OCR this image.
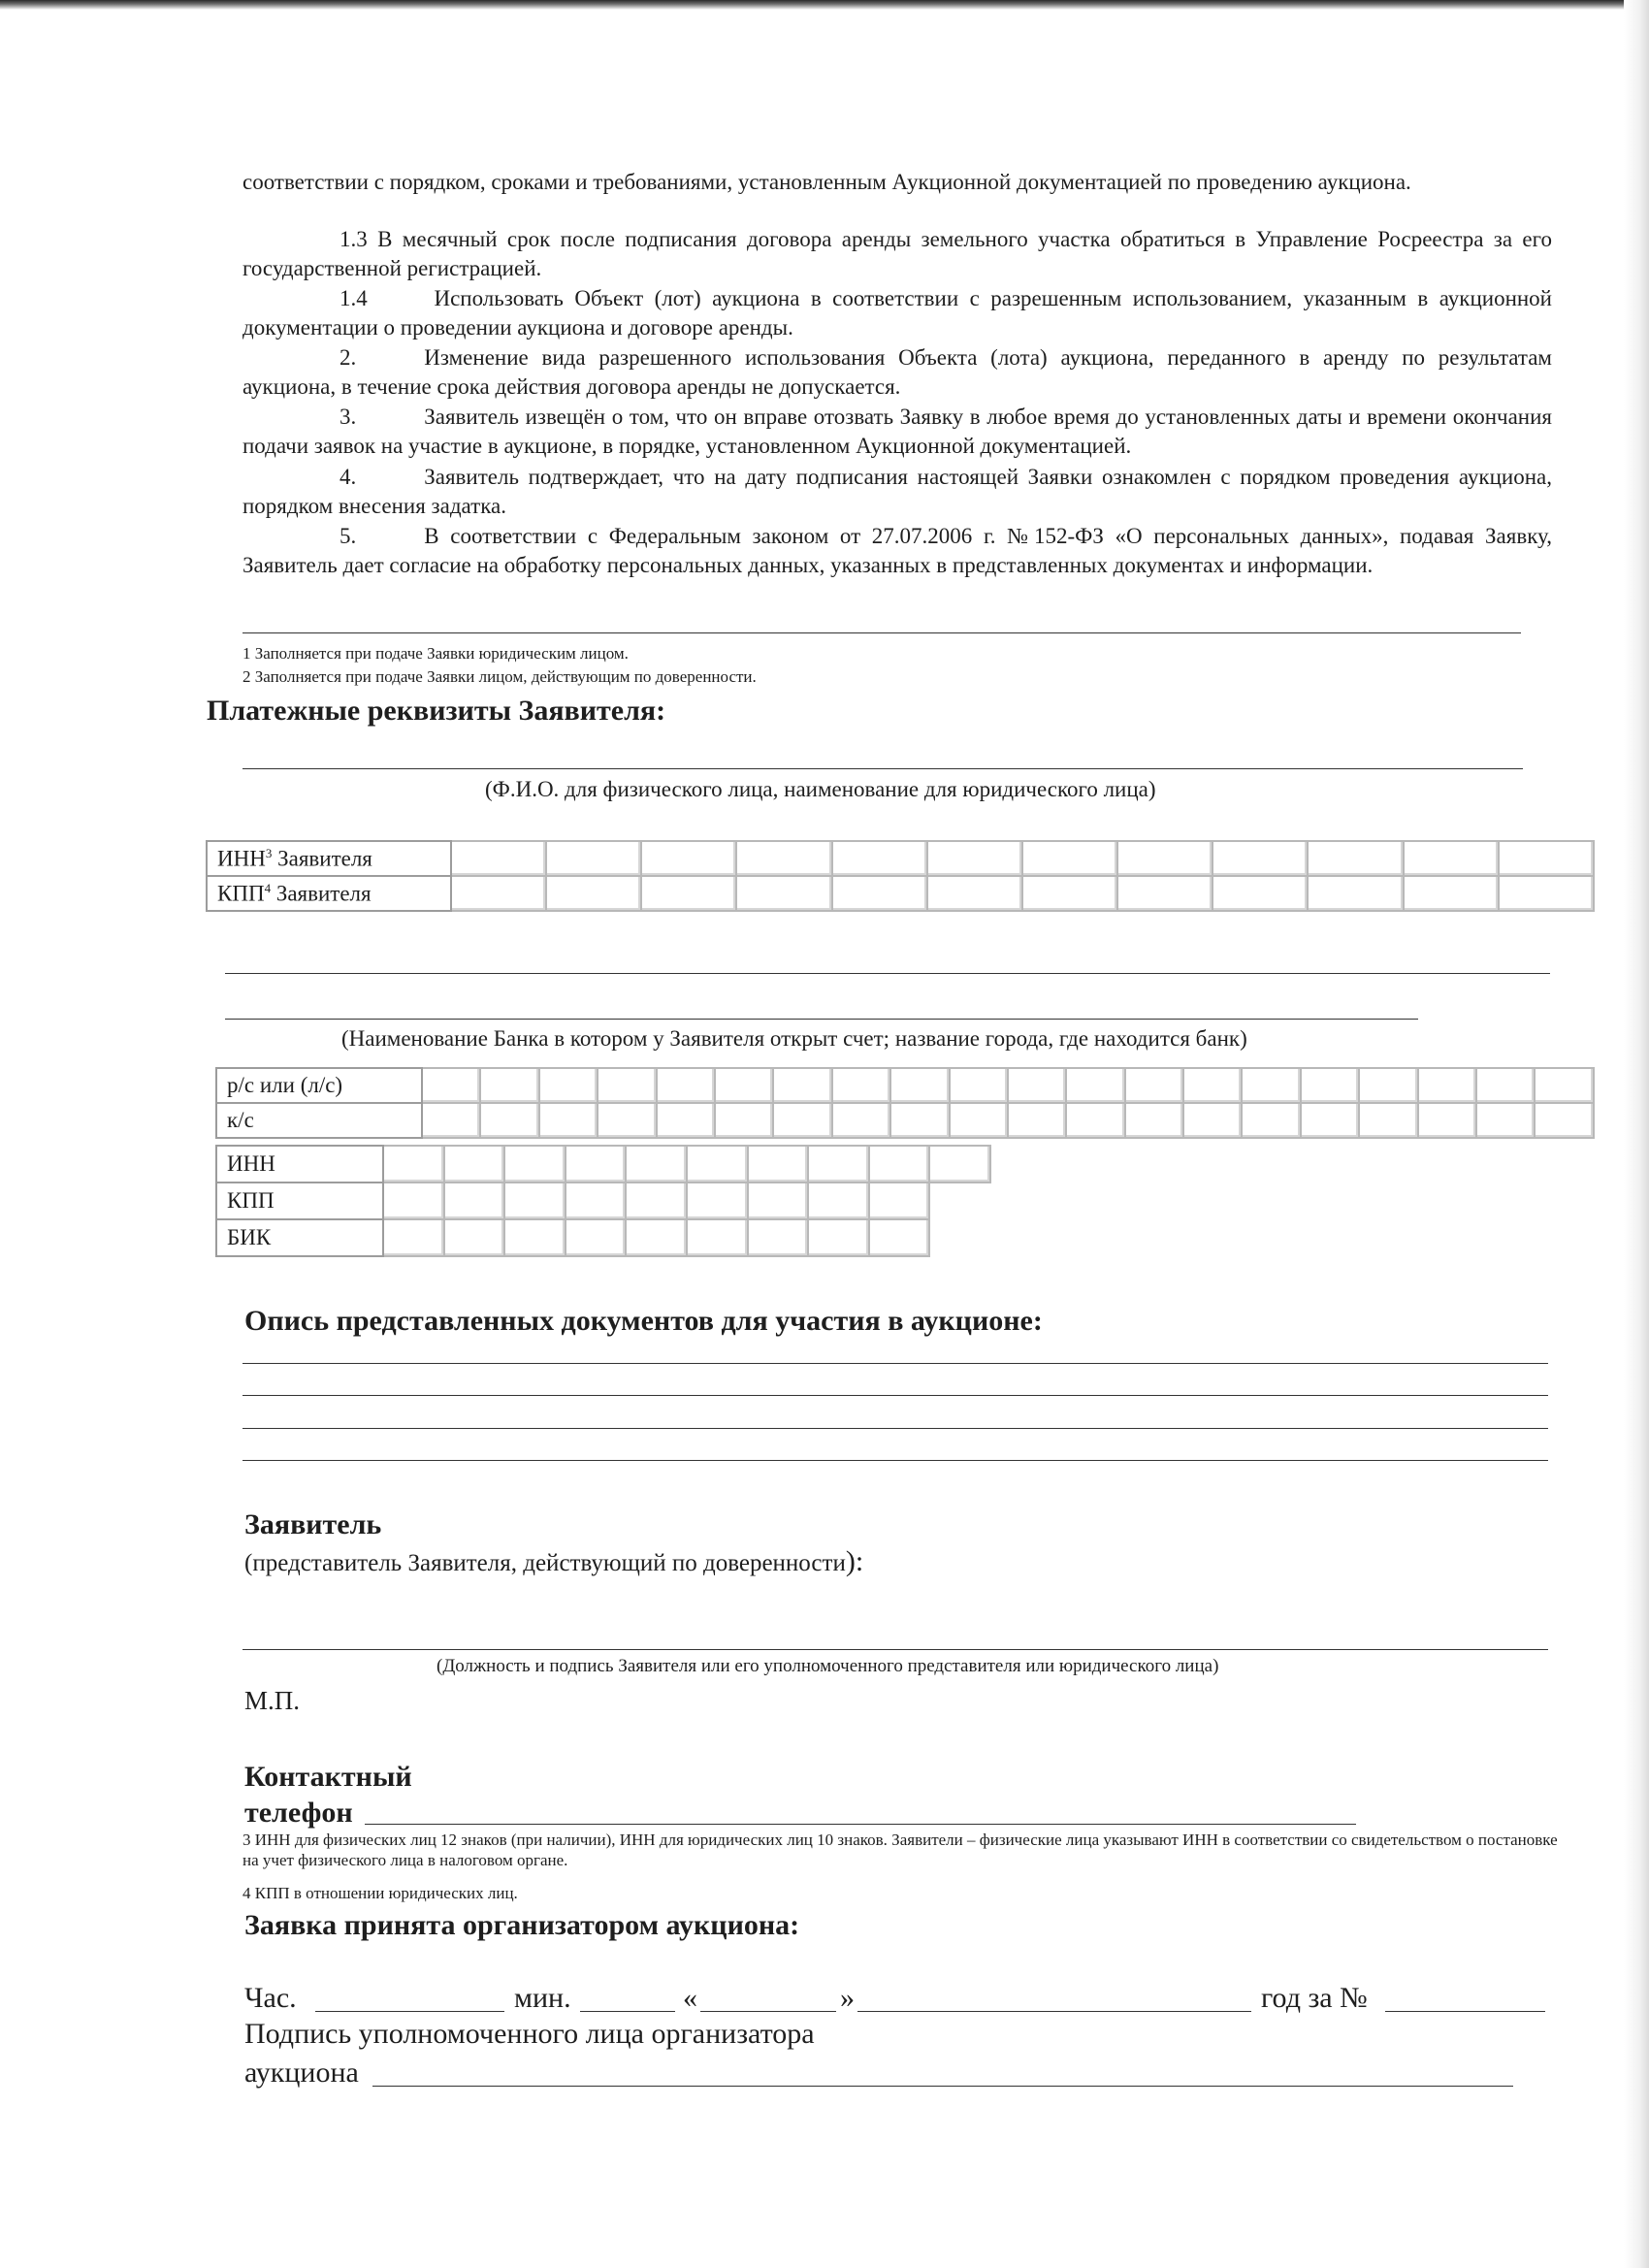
соответствии с порядком, сроками и требованиями, установленным Аукционной документацией по проведению аукциона.
1.3 В месячный срок после подписания договора аренды земельного участка обратиться в Управление Росреестра за его государственной регистрацией.
1.4	Использовать Объект (лот) аукциона в соответствии с разрешенным использованием, указанным в аукционной документации о проведении аукциона и договоре аренды.
2.	Изменение вида разрешенного использования Объекта (лота) аукциона, переданного в аренду по результатам аукциона, в течение срока действия договора аренды не допускается.
3.	Заявитель извещён о том, что он вправе отозвать Заявку в любое время до установленных даты и времени окончания подачи заявок на участие в аукционе, в порядке, установленном Аукционной документацией.
4.	Заявитель подтверждает, что на дату подписания настоящей Заявки ознакомлен с порядком проведения аукциона, порядком внесения задатка.
5.	В соответствии с Федеральным законом от 27.07.2006 г. №152-ФЗ «О персональных данных», подавая Заявку, Заявитель дает согласие на обработку персональных данных, указанных в представленных документах и информации.
1 Заполняется при подаче Заявки юридическим лицом.
2 Заполняется при подаче Заявки лицом, действующим по доверенности.
Платежные реквизиты Заявителя:
(Ф.И.О. для физического лица, наименование для юридического лица)
ИНН$^3$ Заявителя												
КПП$^4$ Заявителя												
(Наименование Банка в котором у Заявителя открыт счет; название города, где находится банк)
р/с или (л/с)																				
к/с																				
ИНН										
КПП										
БИК										
Опись представленных документов для участия в аукционе:
Заявитель
(представитель Заявителя, действующий по доверенности):
(Должность и подпись Заявителя или его уполномоченного представителя или юридического лица)
М.П.
Контактный
телефон
3 ИНН для физических лиц 12 знаков (при наличии), ИНН для юридических лиц 10 знаков. Заявители – физические лица указывают ИНН в соответствии со свидетельством о постановке на учет физического лица в налоговом органе.
4 КПП в отношении юридических лиц.
Заявка принята организатором аукциона:
Час.	мин.	«	»	год за №
Подпись уполномоченного лица организатора
аукциона
